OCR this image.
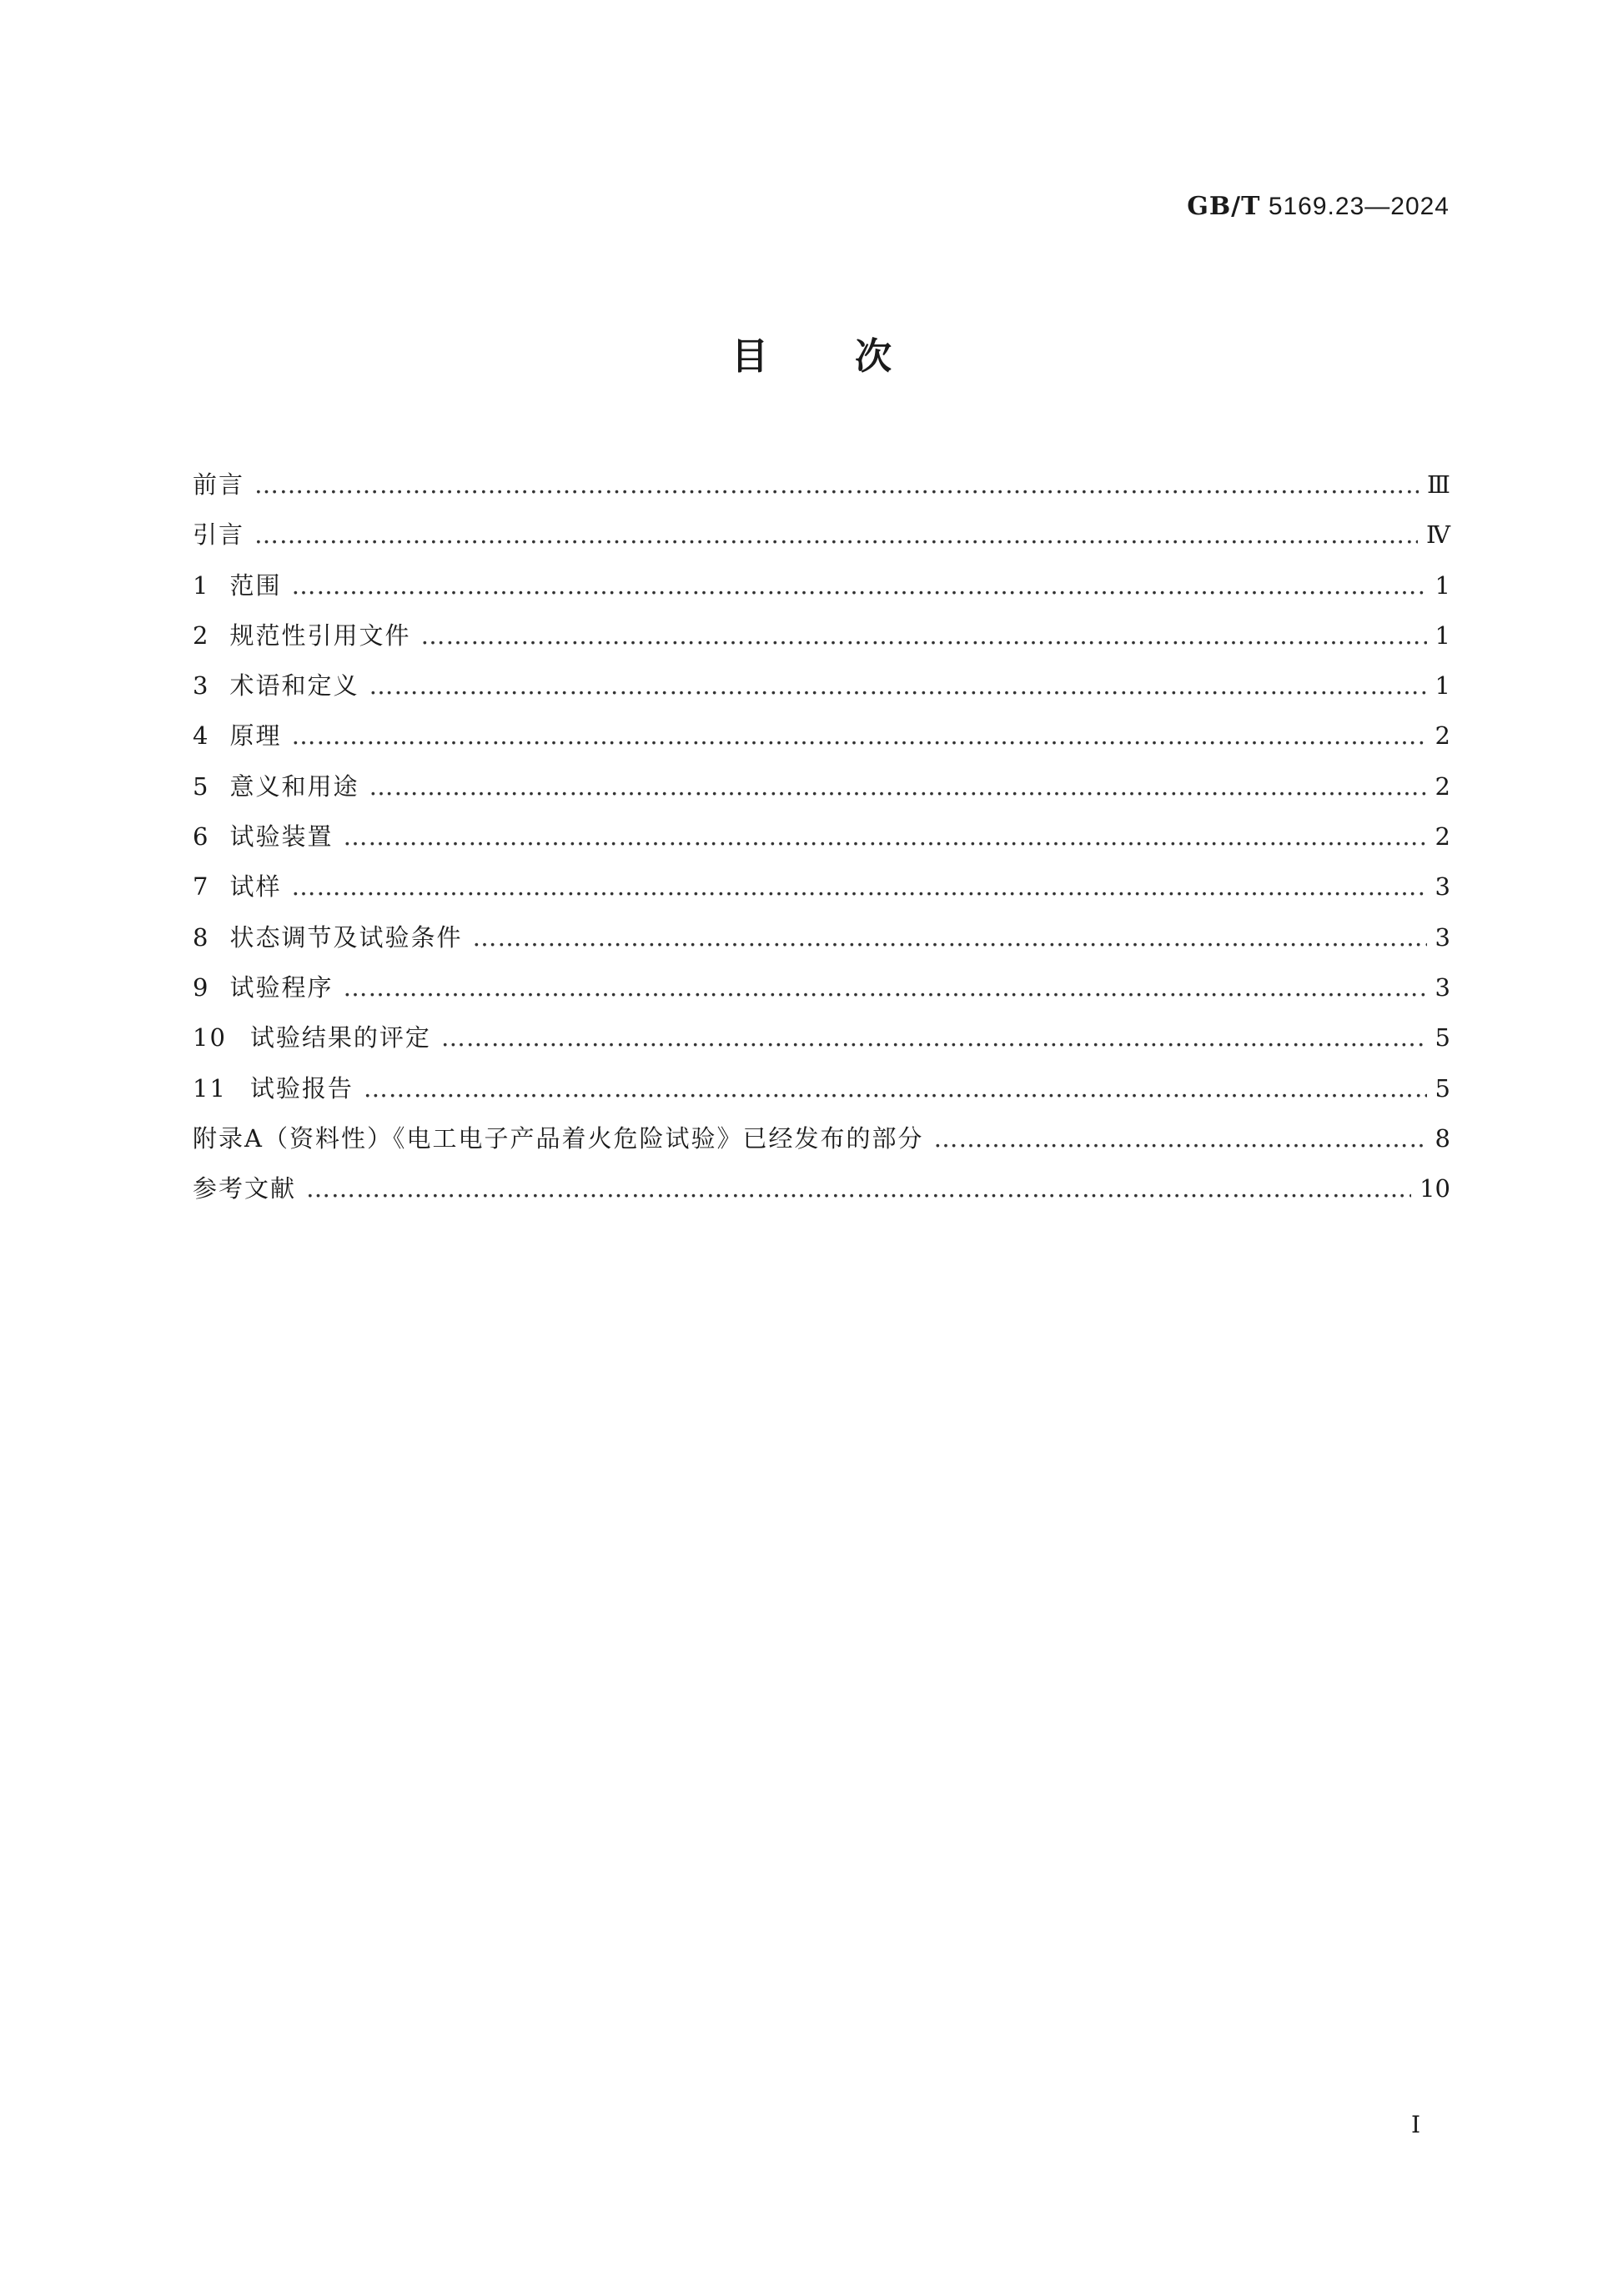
GB/T 5169.23—2024
目次
前言 …………………………………………………………………………………………………………………………………………………………………………………………………………………	Ⅲ
引言 …………………………………………………………………………………………………………………………………………………………………………………………………………………	Ⅳ
1 范围 …………………………………………………………………………………………………………………………………………………………………………………………………………………	1
2 规范性引用文件 …………………………………………………………………………………………………………………………………………………………………………………………………………………	1
3 术语和定义 …………………………………………………………………………………………………………………………………………………………………………………………………………………	1
4 原理 …………………………………………………………………………………………………………………………………………………………………………………………………………………	2
5 意义和用途 …………………………………………………………………………………………………………………………………………………………………………………………………………………	2
6 试验装置 …………………………………………………………………………………………………………………………………………………………………………………………………………………	2
7 试样 …………………………………………………………………………………………………………………………………………………………………………………………………………………	3
8 状态调节及试验条件 …………………………………………………………………………………………………………………………………………………………………………………………………………………	3
9 试验程序 …………………………………………………………………………………………………………………………………………………………………………………………………………………	3
10 试验结果的评定 …………………………………………………………………………………………………………………………………………………………………………………………………………………	5
11 试验报告 …………………………………………………………………………………………………………………………………………………………………………………………………………………	5
附录A（资料性）《电工电子产品着火危险试验》已经发布的部分 …………………………………………………………………………………………………………………………………………………………………………………………………………………	8
参考文献 …………………………………………………………………………………………………………………………………………………………………………………………………………………	10
I
